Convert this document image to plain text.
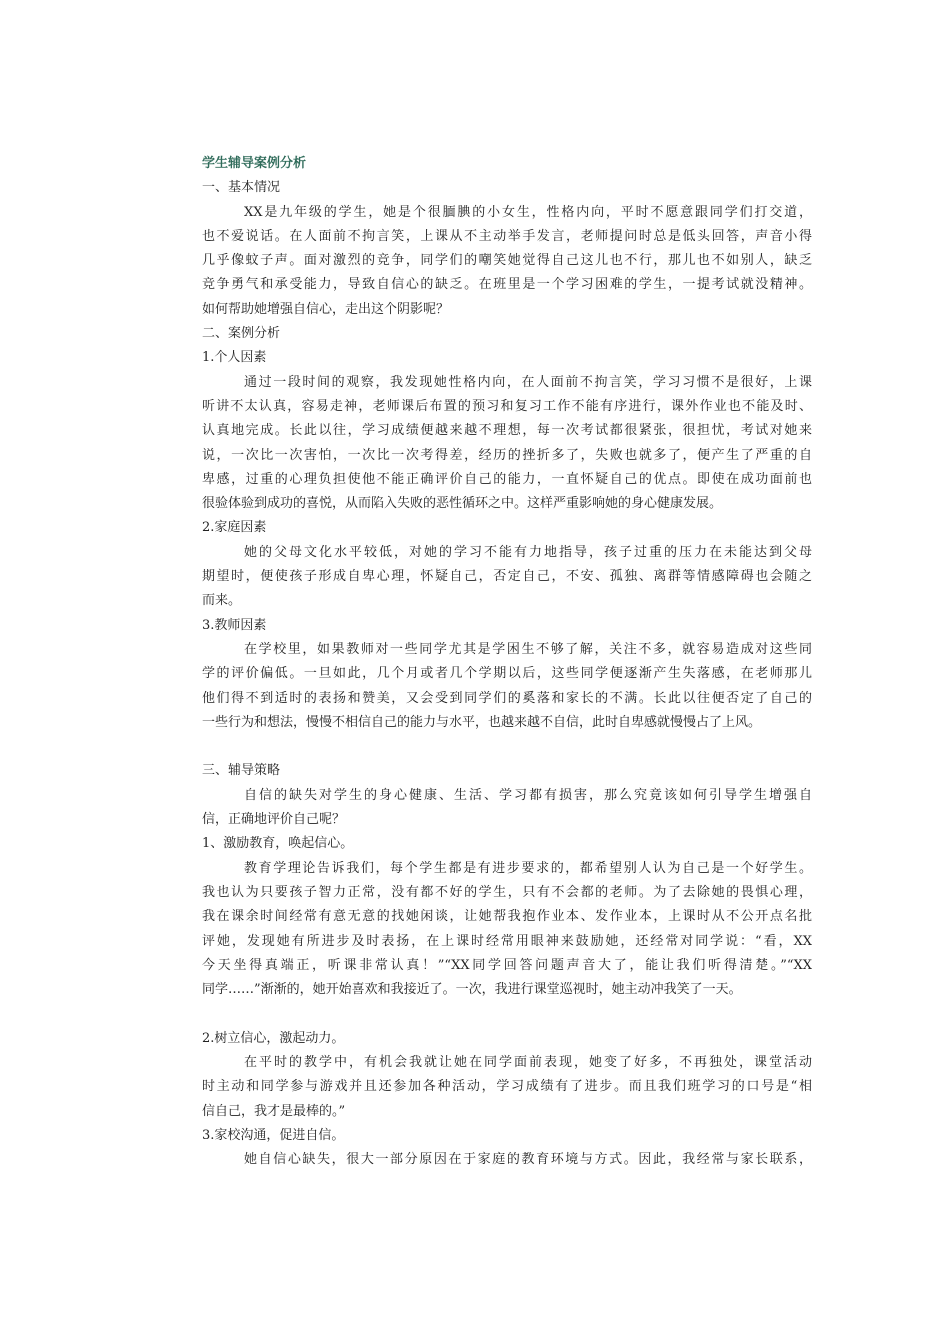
学生辅导案例分析
一、基本情况
XX是九年级的学生，她是个很腼腆的小女生，性格内向，平时不愿意跟同学们打交道，
也不爱说话。在人面前不拘言笑，上课从不主动举手发言，老师提问时总是低头回答，声音小得
几乎像蚊子声。面对激烈的竞争，同学们的嘲笑她觉得自己这儿也不行，那儿也不如别人，缺乏
竞争勇气和承受能力，导致自信心的缺乏。在班里是一个学习困难的学生，一提考试就没精神。
如何帮助她增强自信心，走出这个阴影呢？
二、案例分析
1.个人因素
通过一段时间的观察，我发现她性格内向，在人面前不拘言笑，学习习惯不是很好，上课
听讲不太认真，容易走神，老师课后布置的预习和复习工作不能有序进行，课外作业也不能及时、
认真地完成。长此以往，学习成绩便越来越不理想，每一次考试都很紧张，很担忧，考试对她来
说，一次比一次害怕，一次比一次考得差，经历的挫折多了，失败也就多了，便产生了严重的自
卑感，过重的心理负担使他不能正确评价自己的能力，一直怀疑自己的优点。即使在成功面前也
很验体验到成功的喜悦，从而陷入失败的恶性循环之中。这样严重影响她的身心健康发展。
2.家庭因素
她的父母文化水平较低，对她的学习不能有力地指导，孩子过重的压力在未能达到父母
期望时，便使孩子形成自卑心理，怀疑自己，否定自己，不安、孤独、离群等情感障碍也会随之
而来。
3.教师因素
在学校里，如果教师对一些同学尤其是学困生不够了解，关注不多，就容易造成对这些同
学的评价偏低。一旦如此，几个月或者几个学期以后，这些同学便逐渐产生失落感，在老师那儿
他们得不到适时的表扬和赞美，又会受到同学们的奚落和家长的不满。长此以往便否定了自己的
一些行为和想法，慢慢不相信自己的能力与水平，也越来越不自信，此时自卑感就慢慢占了上风。
三、辅导策略
自信的缺失对学生的身心健康、生活、学习都有损害，那么究竟该如何引导学生增强自
信，正确地评价自己呢？
1、激励教育，唤起信心。
教育学理论告诉我们，每个学生都是有进步要求的，都希望别人认为自己是一个好学生。
我也认为只要孩子智力正常，没有都不好的学生，只有不会都的老师。为了去除她的畏惧心理，
我在课余时间经常有意无意的找她闲谈，让她帮我抱作业本、发作业本，上课时从不公开点名批
评她，发现她有所进步及时表扬，在上课时经常用眼神来鼓励她，还经常对同学说：“看，XX
今天坐得真端正，听课非常认真！”“XX同学回答问题声音大了，能让我们听得清楚。”“XX
同学……”渐渐的，她开始喜欢和我接近了。一次，我进行课堂巡视时，她主动冲我笑了一天。
2.树立信心，激起动力。
在平时的教学中，有机会我就让她在同学面前表现，她变了好多，不再独处，课堂活动
时主动和同学参与游戏并且还参加各种活动，学习成绩有了进步。而且我们班学习的口号是“相
信自己，我才是最棒的。”
3.家校沟通，促进自信。
她自信心缺失，很大一部分原因在于家庭的教育环境与方式。因此，我经常与家长联系，
